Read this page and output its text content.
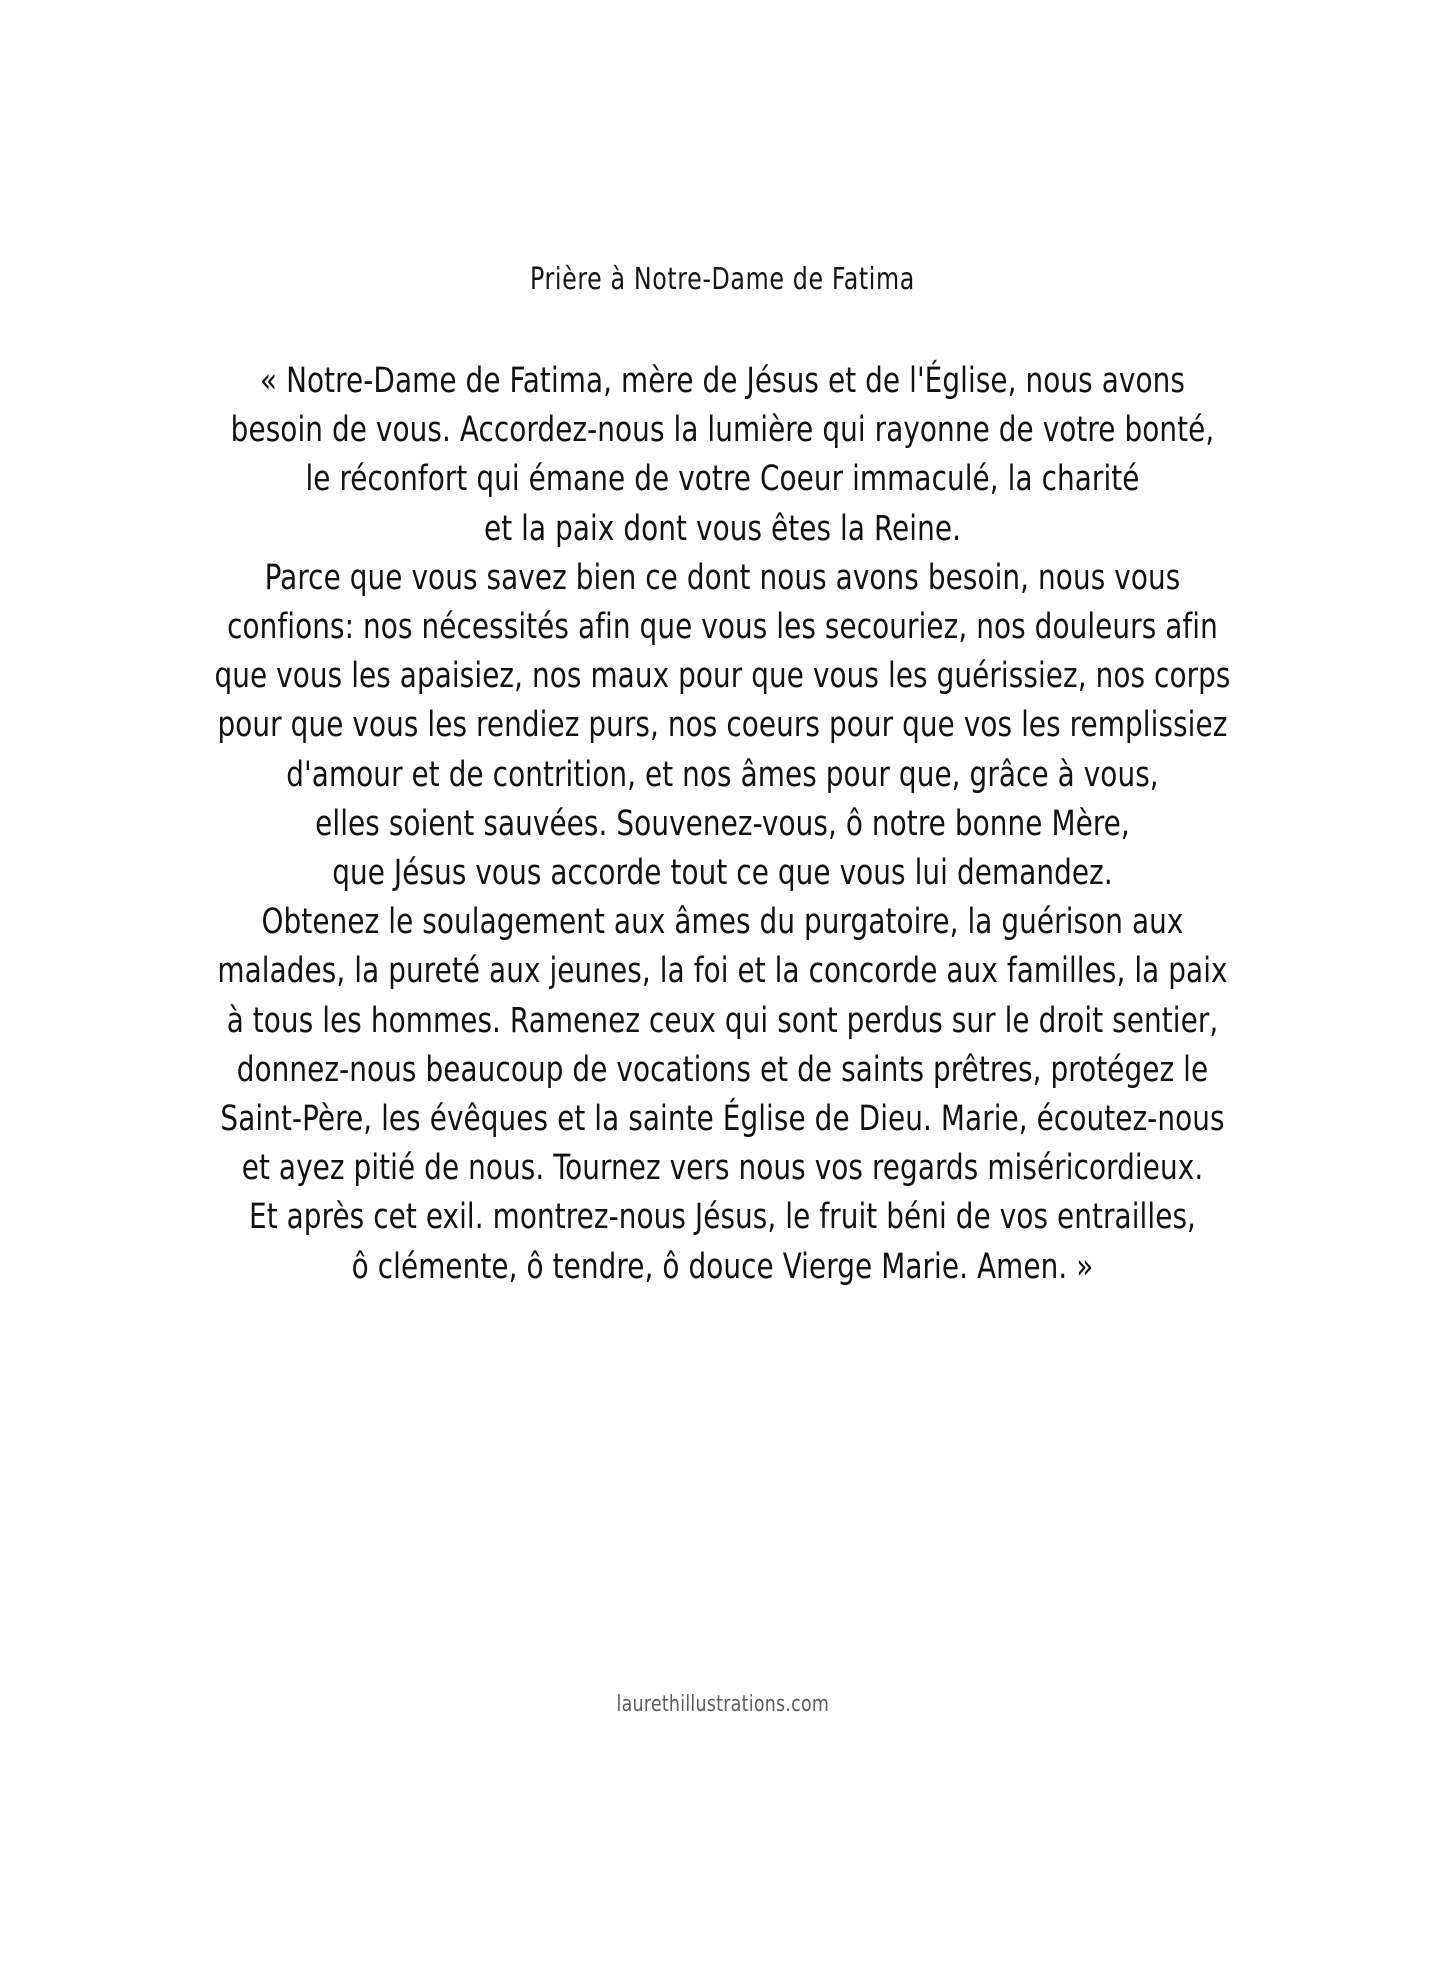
Prière à Notre-Dame de Fatima
« Notre-Dame de Fatima, mère de Jésus et de l'Église, nous avons
besoin de vous. Accordez-nous la lumière qui rayonne de votre bonté,
le réconfort qui émane de votre Coeur immaculé, la charité
et la paix dont vous êtes la Reine.
Parce que vous savez bien ce dont nous avons besoin, nous vous
confions: nos nécessités afin que vous les secouriez, nos douleurs afin
que vous les apaisiez, nos maux pour que vous les guérissiez, nos corps
pour que vous les rendiez purs, nos coeurs pour que vos les remplissiez
d'amour et de contrition, et nos âmes pour que, grâce à vous,
elles soient sauvées. Souvenez-vous, ô notre bonne Mère,
que Jésus vous accorde tout ce que vous lui demandez.
Obtenez le soulagement aux âmes du purgatoire, la guérison aux
malades, la pureté aux jeunes, la foi et la concorde aux familles, la paix
à tous les hommes. Ramenez ceux qui sont perdus sur le droit sentier,
donnez-nous beaucoup de vocations et de saints prêtres, protégez le
Saint-Père, les évêques et la sainte Église de Dieu. Marie, écoutez-nous
et ayez pitié de nous. Tournez vers nous vos regards miséricordieux.
Et après cet exil. montrez-nous Jésus, le fruit béni de vos entrailles,
ô clémente, ô tendre, ô douce Vierge Marie. Amen. »
laurethillustrations.com
